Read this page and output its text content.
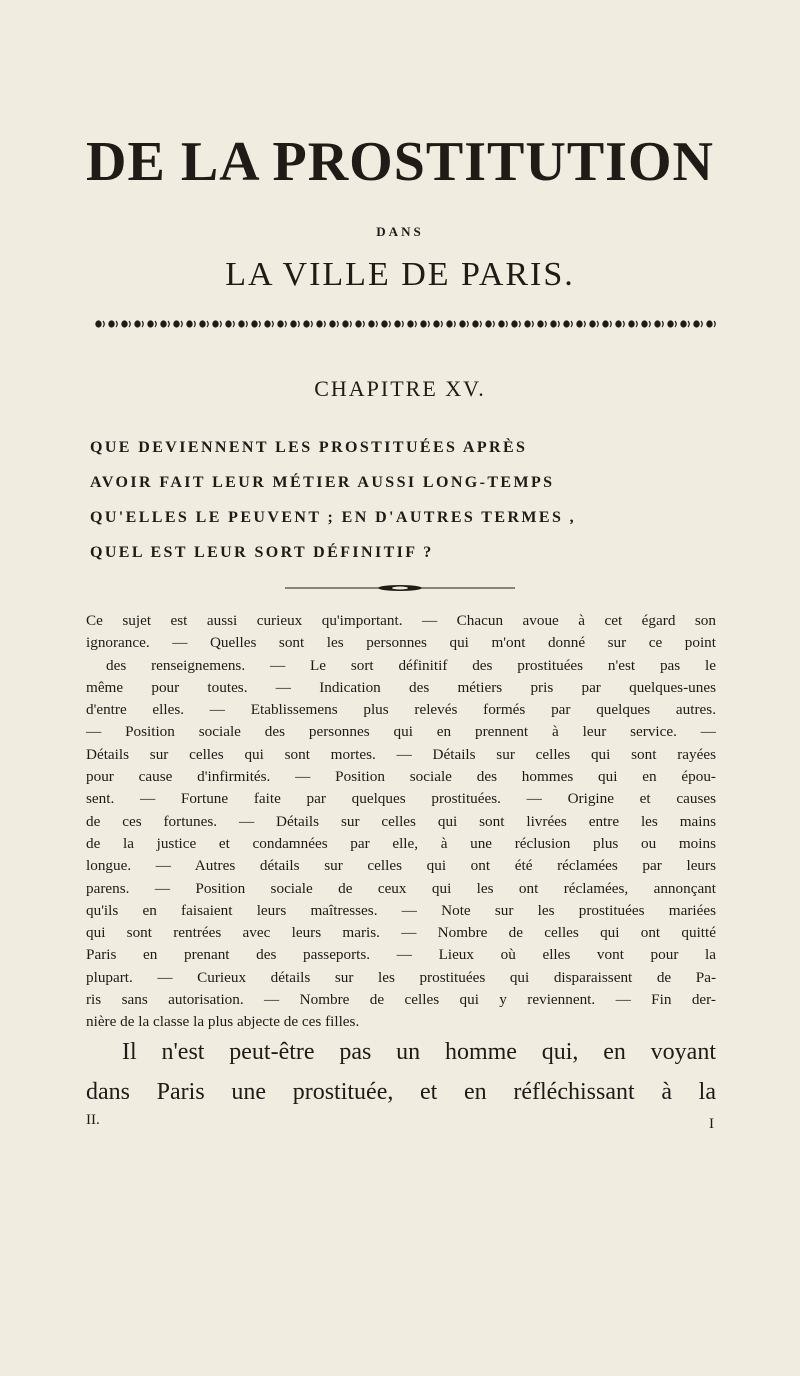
DE LA PROSTITUTION
DANS
LA VILLE DE PARIS.
CHAPITRE XV.
QUE DEVIENNENT LES PROSTITUÉES APRÈS
AVOIR FAIT LEUR MÉTIER AUSSI LONG-TEMPS
QU'ELLES LE PEUVENT ; EN D'AUTRES TERMES ,
QUEL EST LEUR SORT DÉFINITIF ?
Ce sujet est aussi curieux qu'important. — Chacun avoue à cet égard son
ignorance. — Quelles sont les personnes qui m'ont donné sur ce point
des renseignemens. — Le sort définitif des prostituées n'est pas le
même pour toutes. — Indication des métiers pris par quelques-unes
d'entre elles. — Etablissemens plus relevés formés par quelques autres.
— Position sociale des personnes qui en prennent à leur service. —
Détails sur celles qui sont mortes. — Détails sur celles qui sont rayées
pour cause d'infirmités. — Position sociale des hommes qui en épou-
sent. — Fortune faite par quelques prostituées. — Origine et causes
de ces fortunes. — Détails sur celles qui sont livrées entre les mains
de la justice et condamnées par elle, à une réclusion plus ou moins
longue. — Autres détails sur celles qui ont été réclamées par leurs
parens. — Position sociale de ceux qui les ont réclamées, annonçant
qu'ils en faisaient leurs maîtresses. — Note sur les prostituées mariées
qui sont rentrées avec leurs maris. — Nombre de celles qui ont quitté
Paris en prenant des passeports. — Lieux où elles vont pour la
plupart. — Curieux détails sur les prostituées qui disparaissent de Pa-
ris sans autorisation. — Nombre de celles qui y reviennent. — Fin der-
nière de la classe la plus abjecte de ces filles.
Il n'est peut-être pas un homme qui, en voyant
dans Paris une prostituée, et en réfléchissant à la
II.	I
